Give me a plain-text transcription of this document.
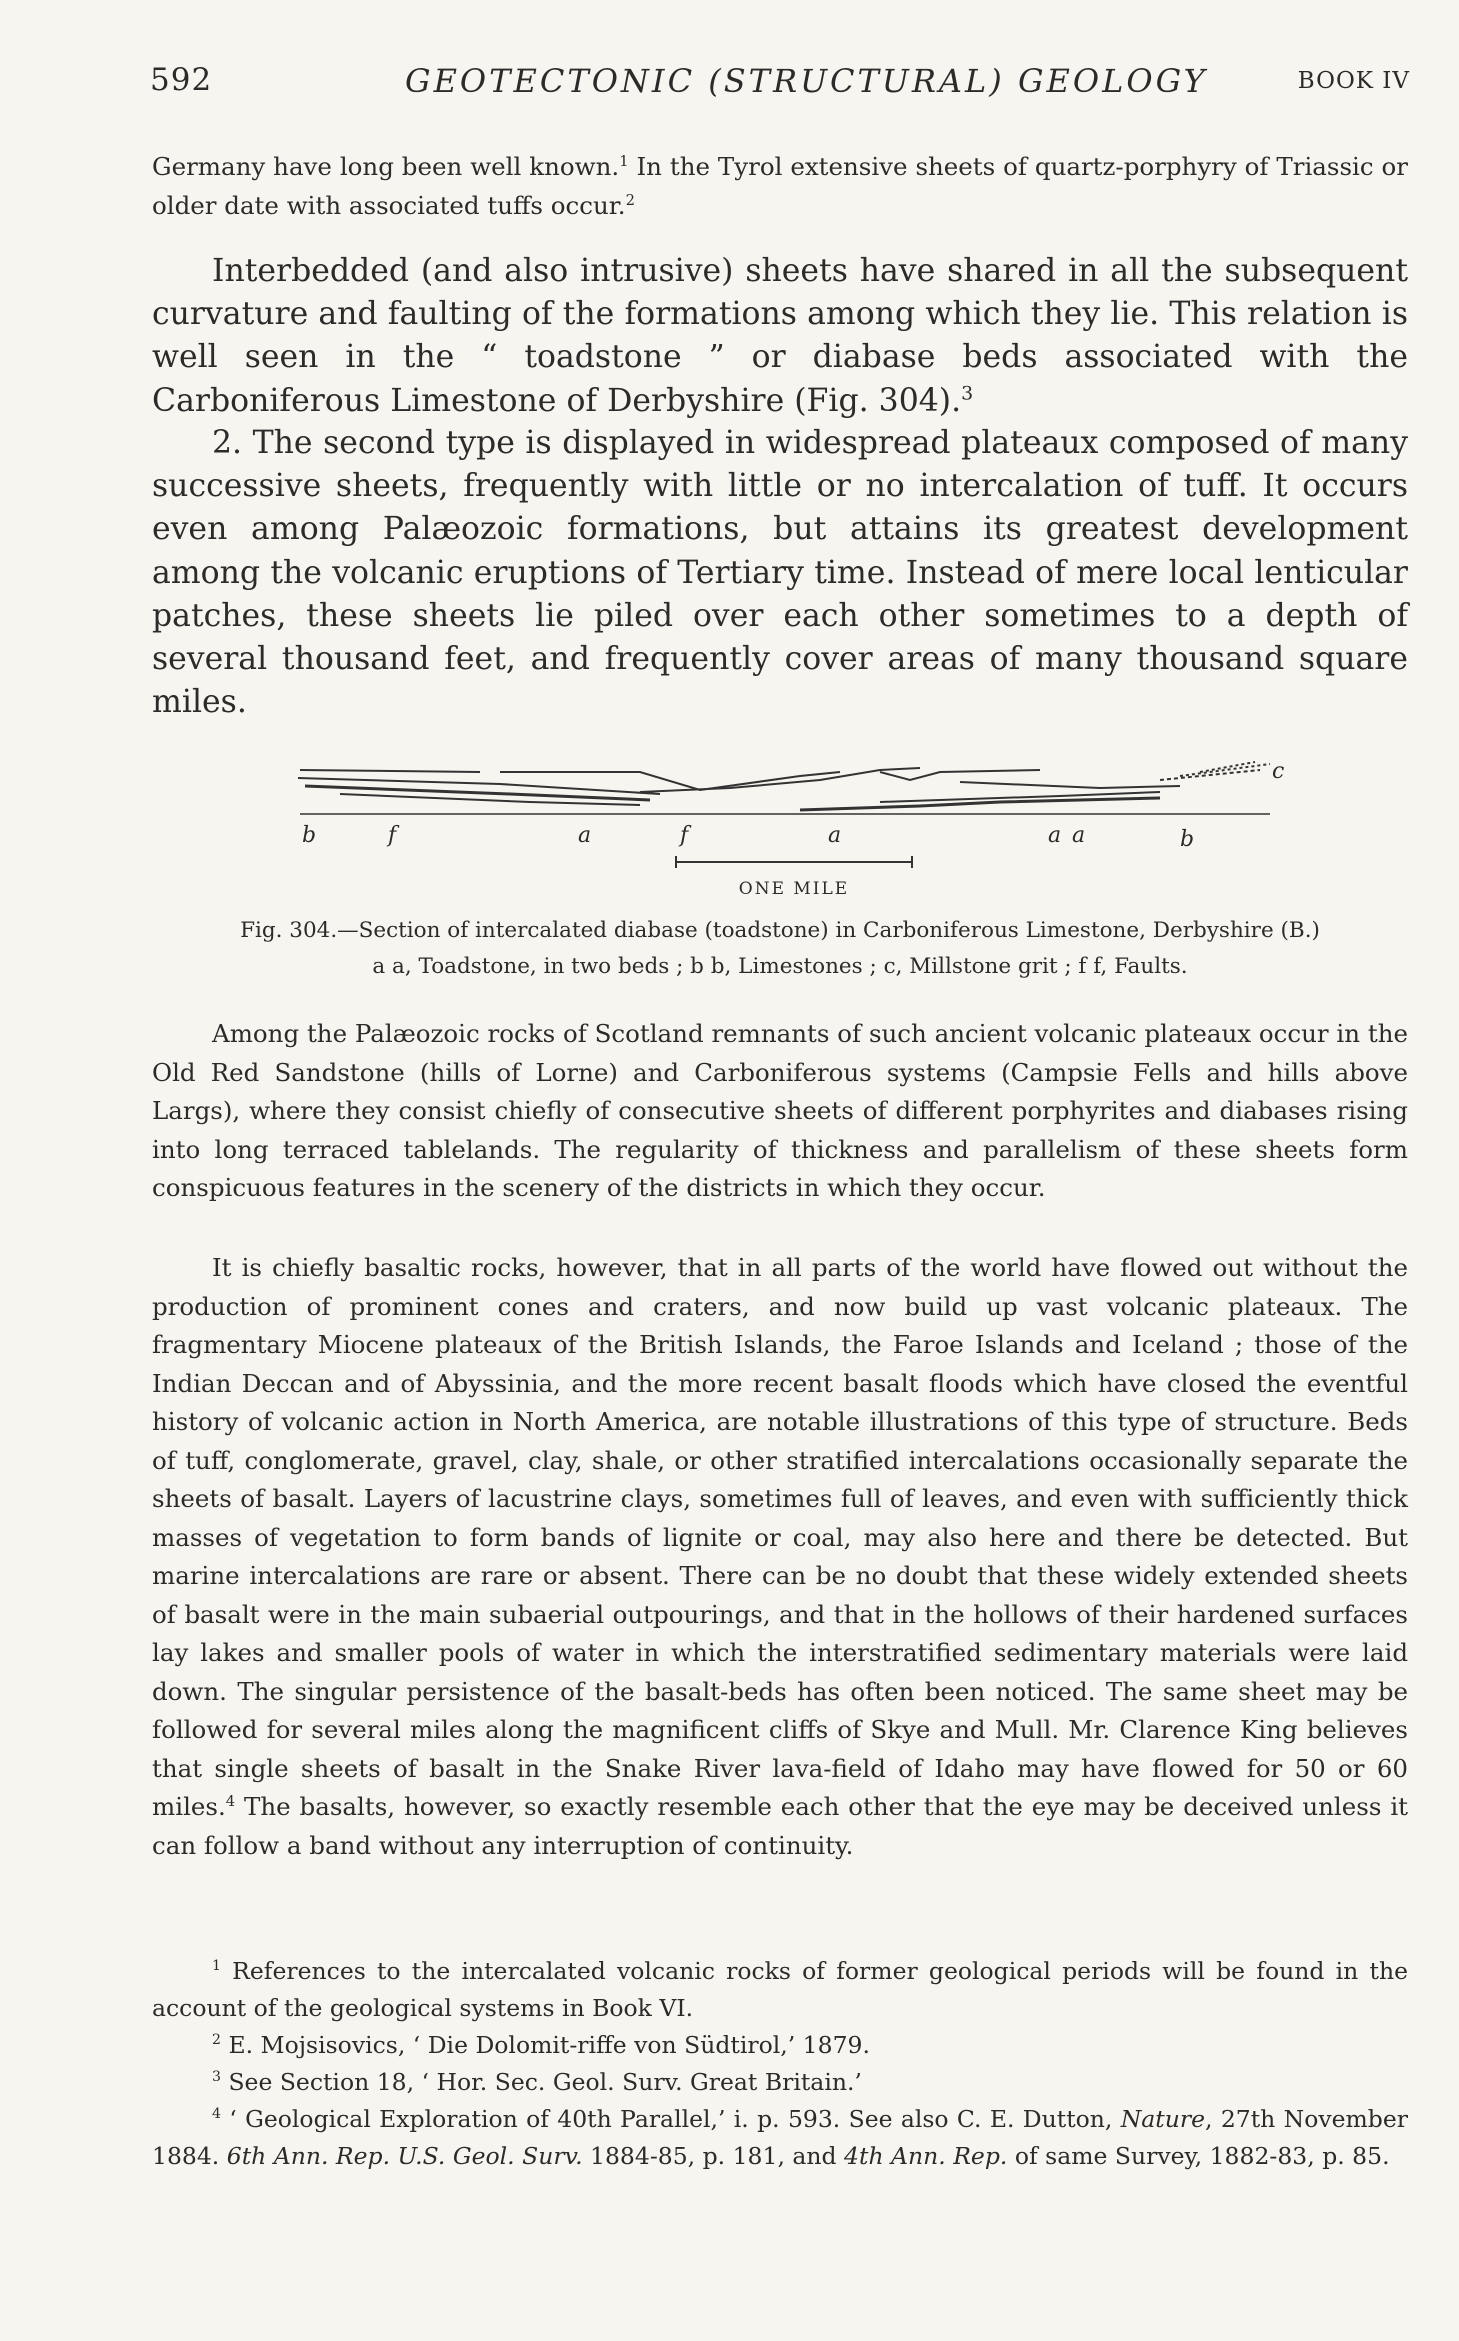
592	GEOTECTONIC (STRUCTURAL) GEOLOGY	BOOK IV
Germany have long been well known.$^1$ In the Tyrol extensive sheets of quartz-porphyry of Triassic or older date with associated tuffs occur.$^2$
Interbedded (and also intrusive) sheets have shared in all the subsequent curvature and faulting of the formations among which they lie. This relation is well seen in the “ toadstone ” or diabase beds associated with the Carboniferous Limestone of Derbyshire (Fig. 304).$^3$
2. The second type is displayed in widespread plateaux composed of many successive sheets, frequently with little or no intercalation of tuff. It occurs even among Palæozoic formations, but attains its greatest development among the volcanic eruptions of Tertiary time. Instead of mere local lenticular patches, these sheets lie piled over each other sometimes to a depth of several thousand feet, and frequently cover areas of many thousand square miles.
b	f	a	f	a	a a	b
c
ONE MILE
Fig. 304.—Section of intercalated diabase (toadstone) in Carboniferous Limestone, Derbyshire (B.)
a a, Toadstone, in two beds ; b b, Limestones ; c, Millstone grit ; f f, Faults.
Among the Palæozoic rocks of Scotland remnants of such ancient volcanic plateaux occur in the Old Red Sandstone (hills of Lorne) and Carboniferous systems (Campsie Fells and hills above Largs), where they consist chiefly of consecutive sheets of different porphyrites and diabases rising into long terraced tablelands. The regularity of thickness and parallelism of these sheets form conspicuous features in the scenery of the districts in which they occur.
It is chiefly basaltic rocks, however, that in all parts of the world have flowed out without the production of prominent cones and craters, and now build up vast volcanic plateaux. The fragmentary Miocene plateaux of the British Islands, the Faroe Islands and Iceland ; those of the Indian Deccan and of Abyssinia, and the more recent basalt floods which have closed the eventful history of volcanic action in North America, are notable illustrations of this type of structure. Beds of tuff, conglomerate, gravel, clay, shale, or other stratified intercalations occasionally separate the sheets of basalt. Layers of lacustrine clays, sometimes full of leaves, and even with sufficiently thick masses of vegetation to form bands of lignite or coal, may also here and there be detected. But marine intercalations are rare or absent. There can be no doubt that these widely extended sheets of basalt were in the main subaerial outpourings, and that in the hollows of their hardened surfaces lay lakes and smaller pools of water in which the interstratified sedimentary materials were laid down. The singular persistence of the basalt-beds has often been noticed. The same sheet may be followed for several miles along the magnificent cliffs of Skye and Mull. Mr. Clarence King believes that single sheets of basalt in the Snake River lava-field of Idaho may have flowed for 50 or 60 miles.$^4$ The basalts, however, so exactly resemble each other that the eye may be deceived unless it can follow a band without any interruption of continuity.
$^1$ References to the intercalated volcanic rocks of former geological periods will be found in the account of the geological systems in Book VI.
$^2$ E. Mojsisovics, ‘ Die Dolomit-riffe von Südtirol,’ 1879.
$^3$ See Section 18, ‘ Hor. Sec. Geol. Surv. Great Britain.’
$^4$ ‘ Geological Exploration of 40th Parallel,’ i. p. 593. See also C. E. Dutton, Nature, 27th November 1884. 6th Ann. Rep. U.S. Geol. Surv. 1884-85, p. 181, and 4th Ann. Rep. of same Survey, 1882-83, p. 85.
